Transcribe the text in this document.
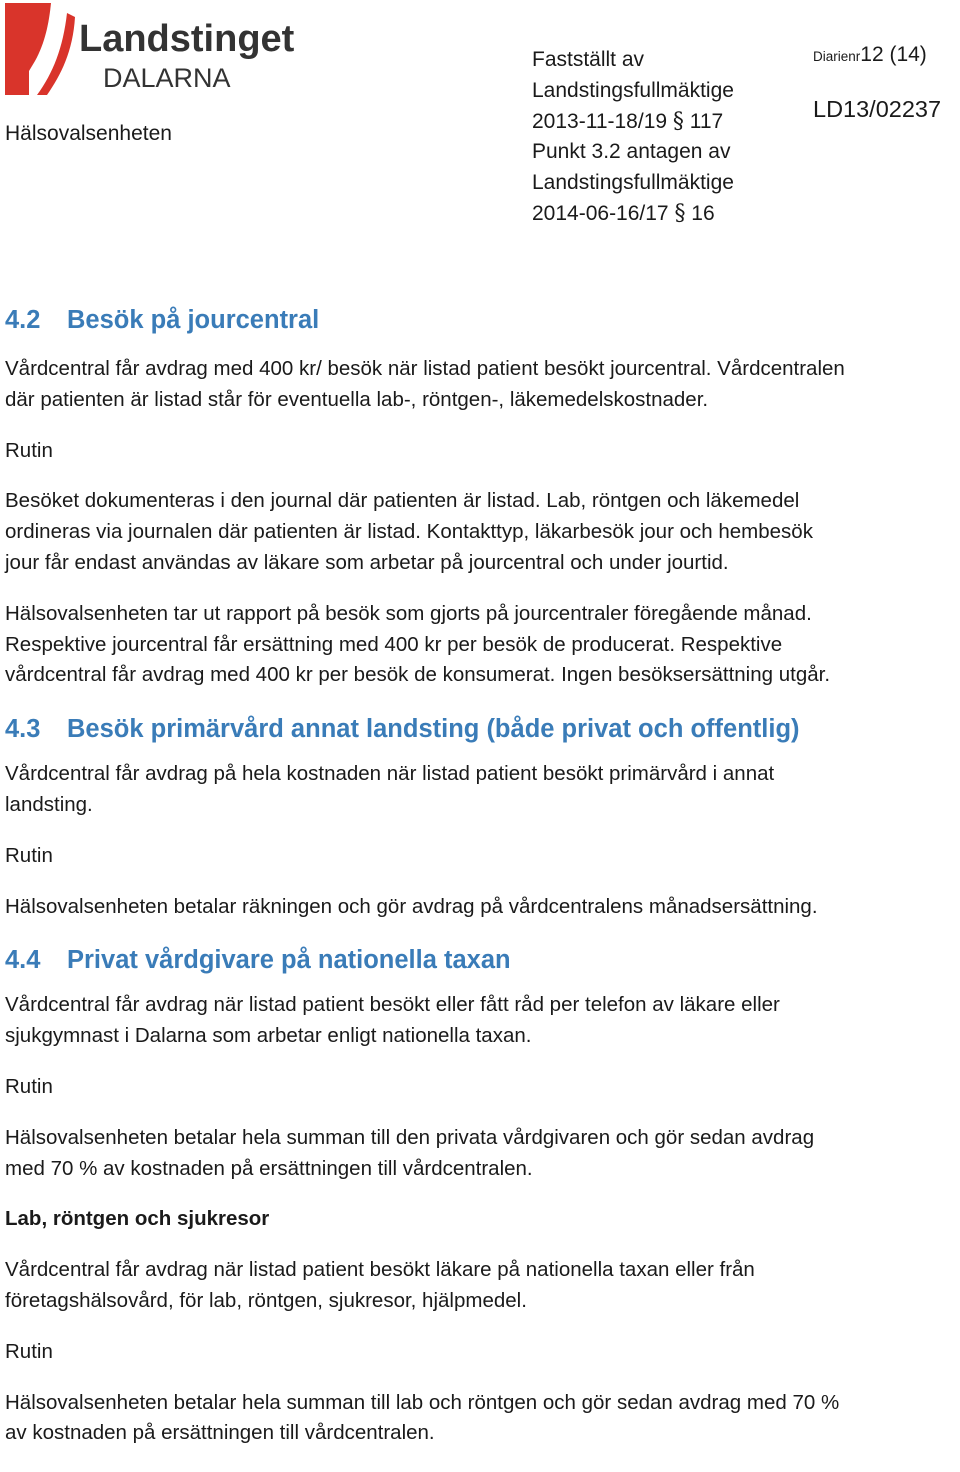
Landstinget
DALARNA
Hälsovalsenheten
Fastställt av
Landstingsfullmäktige
2013-11-18/19 § 117
Punkt 3.2 antagen av
Landstingsfullmäktige
2014-06-16/17 § 16
Diarienr12 (14)
LD13/02237
4.2 Besök på jourcentral

Vårdcentral får avdrag med 400 kr/ besök när listad patient besökt jourcentral. Vårdcentralen
där patienten är listad står för eventuella lab-, röntgen-, läkemedelskostnader.

Rutin

Besöket dokumenteras i den journal där patienten är listad. Lab, röntgen och läkemedel
ordineras via journalen där patienten är listad. Kontakttyp, läkarbesök jour och hembesök
jour får endast användas av läkare som arbetar på jourcentral och under jourtid.

Hälsovalsenheten tar ut rapport på besök som gjorts på jourcentraler föregående månad.
Respektive jourcentral får ersättning med 400 kr per besök de producerat. Respektive
vårdcentral får avdrag med 400 kr per besök de konsumerat. Ingen besöksersättning utgår.

4.3 Besök primärvård annat landsting (både privat och offentlig)

Vårdcentral får avdrag på hela kostnaden när listad patient besökt primärvård i annat
landsting.

Rutin

Hälsovalsenheten betalar räkningen och gör avdrag på vårdcentralens månadsersättning.

4.4 Privat vårdgivare på nationella taxan

Vårdcentral får avdrag när listad patient besökt eller fått råd per telefon av läkare eller
sjukgymnast i Dalarna som arbetar enligt nationella taxan.

Rutin

Hälsovalsenheten betalar hela summan till den privata vårdgivaren och gör sedan avdrag
med 70 % av kostnaden på ersättningen till vårdcentralen.

Lab, röntgen och sjukresor

Vårdcentral får avdrag när listad patient besökt läkare på nationella taxan eller från
företagshälsovård, för lab, röntgen, sjukresor, hjälpmedel.

Rutin

Hälsovalsenheten betalar hela summan till lab och röntgen och gör sedan avdrag med 70 %
av kostnaden på ersättningen till vårdcentralen.
